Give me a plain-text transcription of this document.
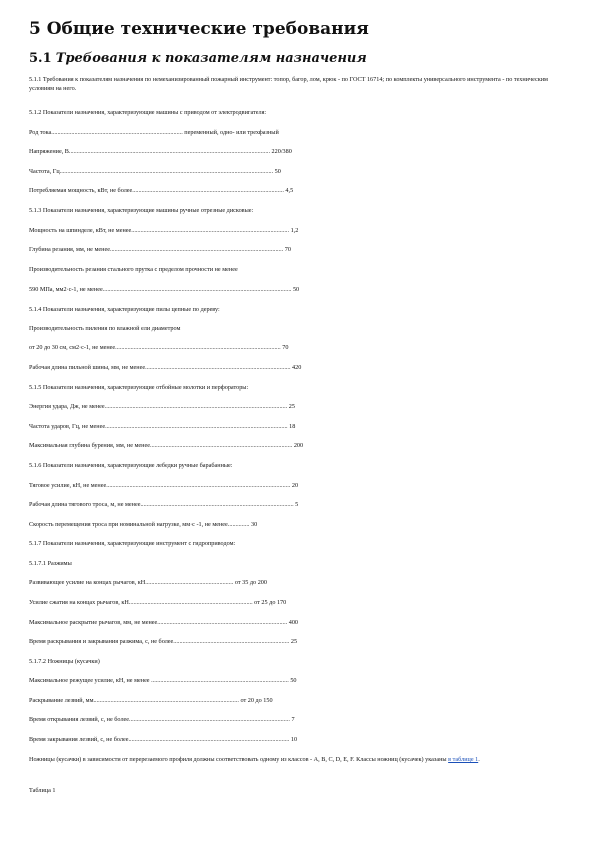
5 Общие технические требования
5.1 Требования к показателям назначения
5.1.1 Требования к показателям назначения по немеханизированный пожарный инструмент: топор, багор, лом, крюк - по ГОСТ 16714; по комплекты универсального инструмента - по техническим условиям на него.
5.1.2 Показатели назначения, характеризующие машины с приводом от электродвигателя:
Род тока..................................................................................... переменный, одно- или трехфазный
Напряжение, В.................................................................................................................................. 220/380
Частота, Гц.......................................................................................................................................... 50
Потребляемая мощность, кВт, не более.................................................................................................. 4,5
5.1.3 Показатели назначения, характеризующие машины ручные отрезные дисковые:
Мощность на шпинделе, кВт, не менее...................................................................................................... 1,2
Глубина резания, мм, не менее................................................................................................................ 70
Производительность резания стального прутка с пределом прочности не менее
590 МПа, мм2·с-1, не менее.......................................................................................................................... 50
5.1.4 Показатели назначения, характеризующие пилы цепные по дереву:
Производительность пиления по влажной ели диаметром
от 20 до 30 см, см2·с-1, не менее........................................................................................................... 70
Рабочая длина пильной шины, мм, не менее.............................................................................................. 420
5.1.5 Показатели назначения, характеризующие отбойные молотки и перфораторы:
Энергия удара, Дж, не менее...................................................................................................................... 25
Частота ударов, Гц, не менее...................................................................................................................... 18
Максимальная глубина бурения, мм, не менее............................................................................................ 200
5.1.6 Показатели назначения, характеризующие лебедки ручные барабанные:
Тяговое усилие, кН, не менее....................................................................................................................... 20
Рабочая длина тягового троса, м, не менее................................................................................................... 5
Скорость перемещения троса при номинальной нагрузке, мм·с -1, не менее.............. 30
5.1.7 Показатели назначения, характеризующие инструмент с гидроприводом:
5.1.7.1 Разжимы
Развивающее усилие на концах рычагов, кН......................................................... от 35 до 200
Усилие сжатия на концах рычагов, кН................................................................................ от 25 до 170
Максимальное раскрытие рычагов, мм, не менее.................................................................................... 400
Время раскрывания и закрывания разжима, с, не более........................................................................... 25
5.1.7.2 Ножницы (кусачки)
Максимальное режущее усилие, кН, не менее ......................................................................................... 50
Раскрывание лезвий, мм.............................................................................................. от 20 до 150
Время открывания лезвий, с, не более........................................................................................................ 7
Время закрывания лезвий, с, не более........................................................................................................ 10
Ножницы (кусачки) в зависимости от перерезаемого профиля должны соответствовать одному из классов - A, B, C, D, E, F. Классы ножниц (кусачек) указаны в таблице 1.
Таблица 1
